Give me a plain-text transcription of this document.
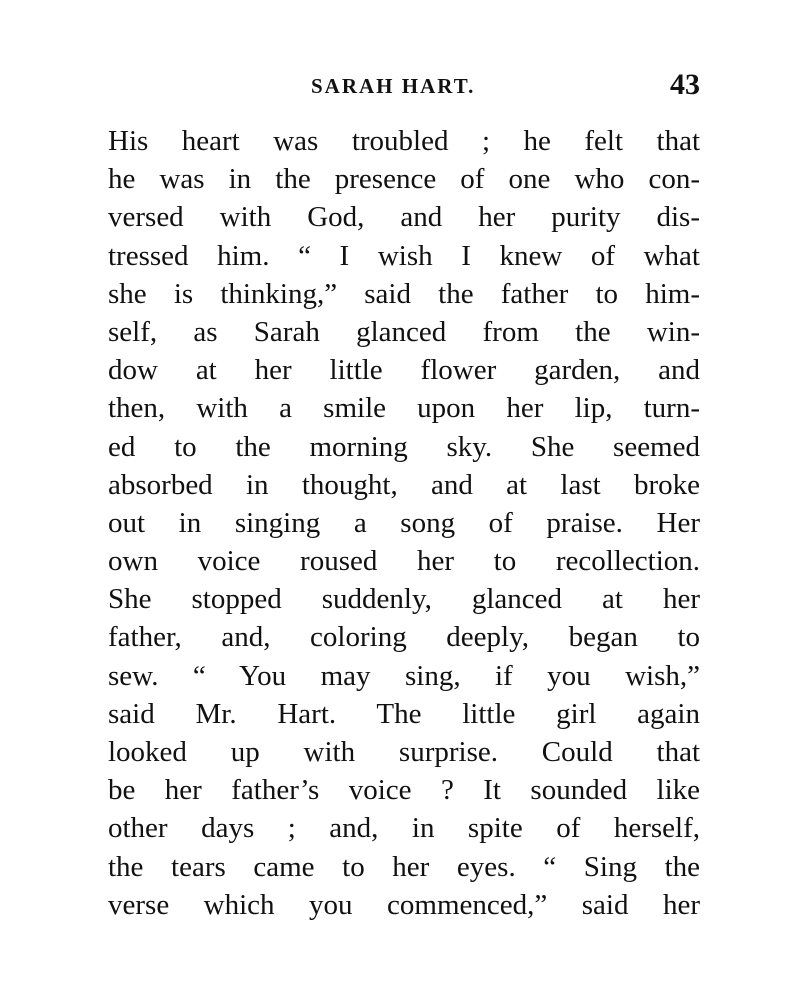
SARAH HART.	43
His heart was troubled ; he felt that
he was in the presence of one who con-
versed with God, and her purity dis-
tressed him. “ I wish I knew of what
she is thinking,” said the father to him-
self, as Sarah glanced from the win-
dow at her little flower garden, and
then, with a smile upon her lip, turn-
ed to the morning sky. She seemed
absorbed in thought, and at last broke
out in singing a song of praise. Her
own voice roused her to recollection.
She stopped suddenly, glanced at her
father, and, coloring deeply, began to
sew. “ You may sing, if you wish,”
said Mr. Hart. The little girl again
looked up with surprise. Could that
be her father’s voice ? It sounded like
other days ; and, in spite of herself,
the tears came to her eyes. “ Sing the
verse which you commenced,” said her
